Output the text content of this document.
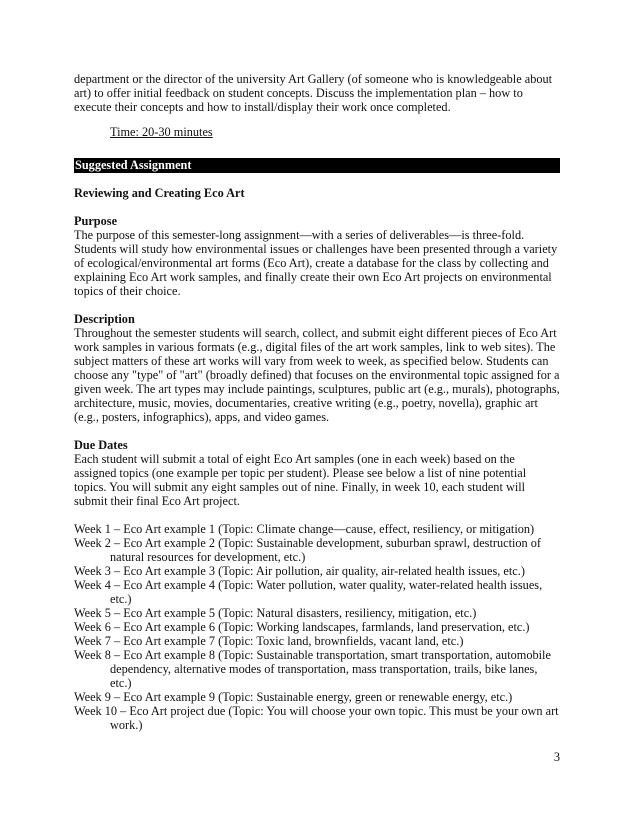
department or the director of the university Art Gallery (of someone who is knowledgeable about art) to offer initial feedback on student concepts. Discuss the implementation plan – how to execute their concepts and how to install/display their work once completed.

Time: 20-30 minutes

Suggested Assignment

Reviewing and Creating Eco Art

Purpose

The purpose of this semester-long assignment—with a series of deliverables—is three-fold. Students will study how environmental issues or challenges have been presented through a variety of ecological/environmental art forms (Eco Art), create a database for the class by collecting and explaining Eco Art work samples, and finally create their own Eco Art projects on environmental topics of their choice.

Description

Throughout the semester students will search, collect, and submit eight different pieces of Eco Art work samples in various formats (e.g., digital files of the art work samples, link to web sites). The subject matters of these art works will vary from week to week, as specified below. Students can choose any "type" of "art" (broadly defined) that focuses on the environmental topic assigned for a given week. The art types may include paintings, sculptures, public art (e.g., murals), photographs, architecture, music, movies, documentaries, creative writing (e.g., poetry, novella), graphic art (e.g., posters, infographics), apps, and video games.

Due Dates

Each student will submit a total of eight Eco Art samples (one in each week) based on the assigned topics (one example per topic per student). Please see below a list of nine potential topics. You will submit any eight samples out of nine. Finally, in week 10, each student will submit their final Eco Art project.

Week 1 – Eco Art example 1 (Topic: Climate change—cause, effect, resiliency, or mitigation)
Week 2 – Eco Art example 2 (Topic: Sustainable development, suburban sprawl, destruction of natural resources for development, etc.)
Week 3 – Eco Art example 3 (Topic: Air pollution, air quality, air-related health issues, etc.)
Week 4 – Eco Art example 4 (Topic: Water pollution, water quality, water-related health issues, etc.)
Week 5 – Eco Art example 5 (Topic: Natural disasters, resiliency, mitigation, etc.)
Week 6 – Eco Art example 6 (Topic: Working landscapes, farmlands, land preservation, etc.)
Week 7 – Eco Art example 7 (Topic: Toxic land, brownfields, vacant land, etc.)
Week 8 – Eco Art example 8 (Topic: Sustainable transportation, smart transportation, automobile dependency, alternative modes of transportation, mass transportation, trails, bike lanes, etc.)
Week 9 – Eco Art example 9 (Topic: Sustainable energy, green or renewable energy, etc.)
Week 10 – Eco Art project due (Topic: You will choose your own topic. This must be your own art work.)
3
